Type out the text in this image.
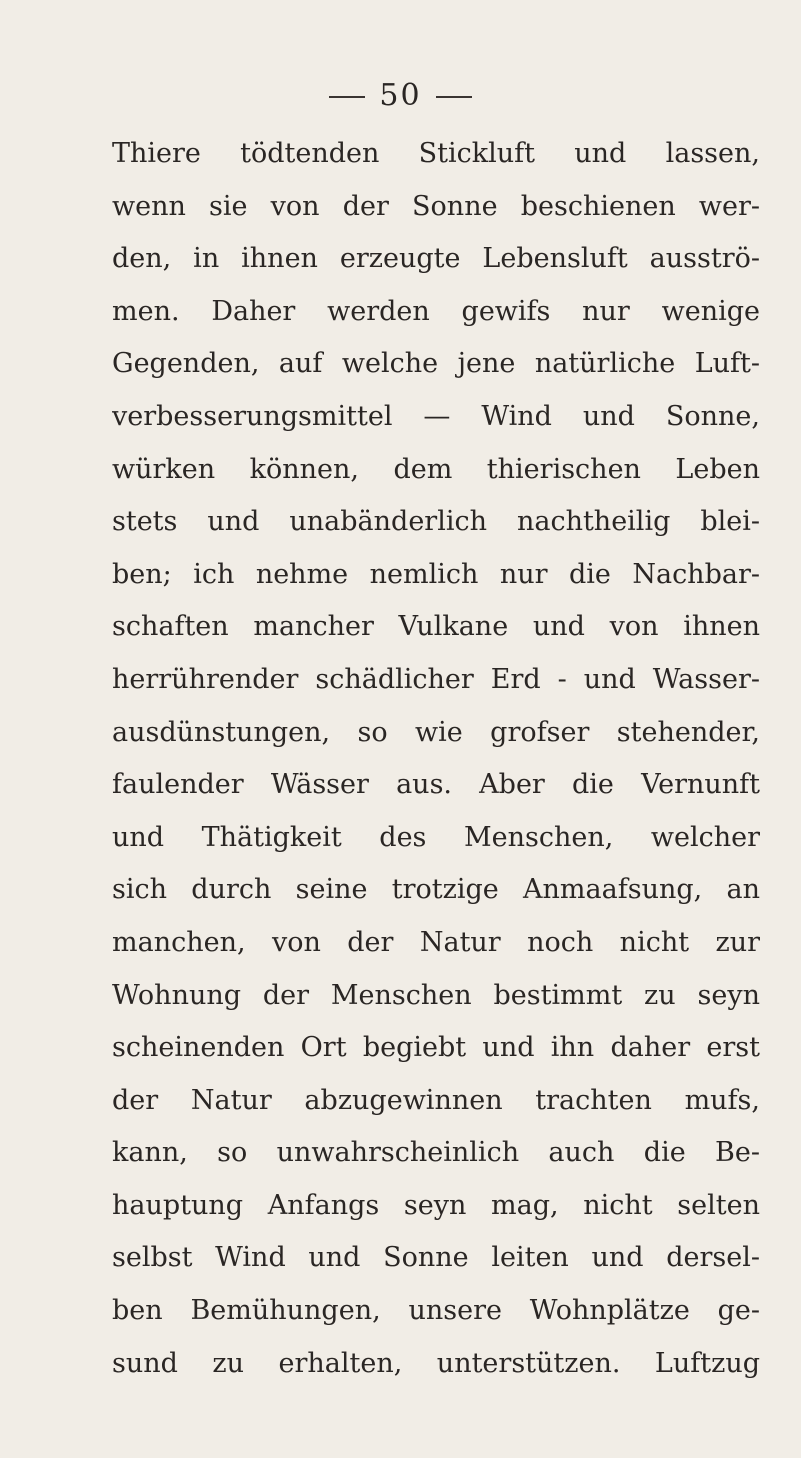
50
Thiere tödtenden Stickluft und lassen,
wenn sie von der Sonne beschienen wer-
den, in ihnen erzeugte Lebensluft ausströ-
men. Daher werden gewifs nur wenige
Gegenden, auf welche jene natürliche Luft-
verbesserungsmittel — Wind und Sonne,
würken können, dem thierischen Leben
stets und unabänderlich nachtheilig blei-
ben; ich nehme nemlich nur die Nachbar-
schaften mancher Vulkane und von ihnen
herrührender schädlicher Erd - und Wasser-
ausdünstungen, so wie grofser stehender,
faulender Wässer aus. Aber die Vernunft
und Thätigkeit des Menschen, welcher
sich durch seine trotzige Anmaafsung, an
manchen, von der Natur noch nicht zur
Wohnung der Menschen bestimmt zu seyn
scheinenden Ort begiebt und ihn daher erst
der Natur abzugewinnen trachten mufs,
kann, so unwahrscheinlich auch die Be-
hauptung Anfangs seyn mag, nicht selten
selbst Wind und Sonne leiten und dersel-
ben Bemühungen, unsere Wohnplätze ge-
sund zu erhalten, unterstützen. Luftzug
